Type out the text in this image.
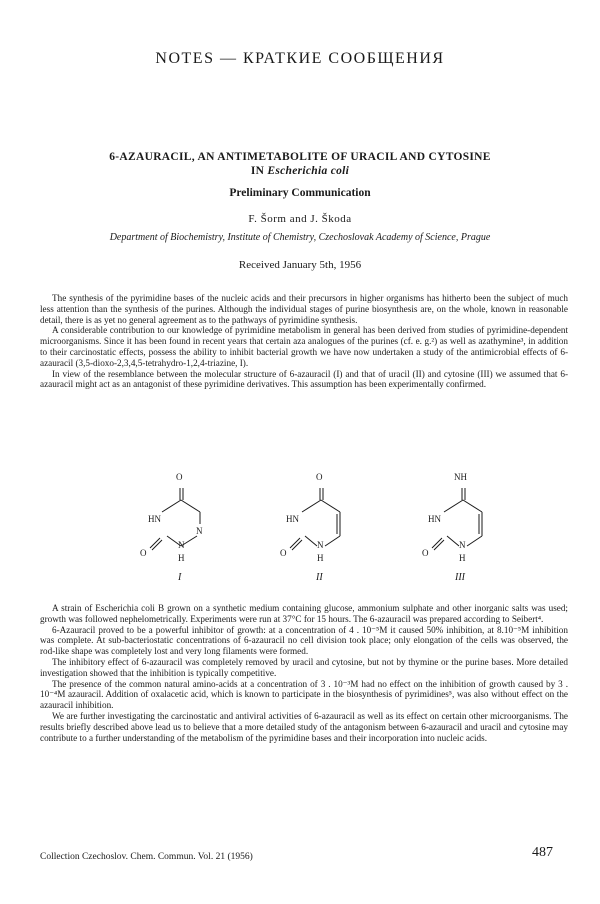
NOTES — КРАТКИЕ СООБЩЕНИЯ
6-AZAURACIL, AN ANTIMETABOLITE OF URACIL AND CYTOSINE
IN Escherichia coli
Preliminary Communication
F. Šorm and J. Škoda
Department of Biochemistry, Institute of Chemistry, Czechoslovak Academy of Science, Prague
Received January 5th, 1956

The synthesis of the pyrimidine bases of the nucleic acids and their precursors in higher organisms has hitherto been the subject of much less attention than the synthesis of the purines. Although the individual stages of purine biosynthesis are, on the whole, known in reasonable detail, there is as yet no general agreement as to the pathways of pyrimidine synthesis.

A considerable contribution to our knowledge of pyrimidine metabolism in general has been derived from studies of pyrimidine-dependent microorganisms. Since it has been found in recent years that certain aza analogues of the purines (cf. e. g.²) as well as azathymine³, in addition to their carcinostatic effects, possess the ability to inhibit bacterial growth we have now undertaken a study of the antimicrobial effects of 6-azauracil (3,5-dioxo-2,3,4,5-tetrahydro-1,2,4-triazine, I).

In view of the resemblance between the molecular structure of 6-azauracil (I) and that of uracil (II) and cytosine (III) we assumed that 6-azauracil might act as an antagonist of these pyrimidine derivatives. This assumption has been experimentally confirmed.

O
HN
N
N
H
O
I
O
HN
N
H
O
II
NH
HN
N
H
O
III

A strain of Escherichia coli B grown on a synthetic medium containing glucose, ammonium sulphate and other inorganic salts was used; growth was followed nephelometrically. Experiments were run at 37°C for 15 hours. The 6-azauracil was prepared according to Seibert⁴.

6-Azauracil proved to be a powerful inhibitor of growth: at a concentration of 4 . 10⁻⁵M it caused 50% inhibition, at 8.10⁻⁵M inhibition was complete. At sub-bacteriostatic concentrations of 6-azauracil no cell division took place; only elongation of the cells was observed, the rod-like shape was completely lost and very long filaments were formed.

The inhibitory effect of 6-azauracil was completely removed by uracil and cytosine, but not by thymine or the purine bases. More detailed investigation showed that the inhibition is typically competitive.

The presence of the common natural amino-acids at a concentration of 3 . 10⁻³M had no effect on the inhibition of growth caused by 3 . 10⁻⁴M azauracil. Addition of oxalacetic acid, which is known to participate in the biosynthesis of pyrimidines⁵, was also without effect on the azauracil inhibition.

We are further investigating the carcinostatic and antiviral activities of 6-azauracil as well as its effect on certain other microorganisms. The results briefly described above lead us to believe that a more detailed study of the antagonism between 6-azauracil and uracil and cytosine may contribute to a further understanding of the metabolism of the pyrimidine bases and their incorporation into nucleic acids.

Collection Czechoslov. Chem. Commun. Vol. 21 (1956)	487
